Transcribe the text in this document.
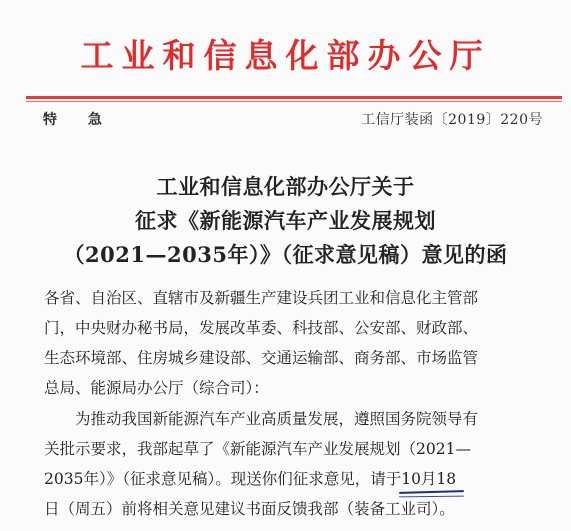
工业和信息化部办公厅
特 急	工信厅装函〔2019〕220号
工业和信息化部办公厅关于
征求《新能源汽车产业发展规划
（2021—2035年）》（征求意见稿）意见的函
各省、自治区、直辖市及新疆生产建设兵团工业和信息化主管部
门，中央财办秘书局，发展改革委、科技部、公安部、财政部、
生态环境部、住房城乡建设部、交通运输部、商务部、市场监管
总局、能源局办公厅（综合司）：
为推动我国新能源汽车产业高质量发展，遵照国务院领导有
关批示要求，我部起草了《新能源汽车产业发展规划（2021—
2035年）》（征求意见稿）。现送你们征求意见，请于10月18
日（周五）前将相关意见建议书面反馈我部（装备工业司）。
